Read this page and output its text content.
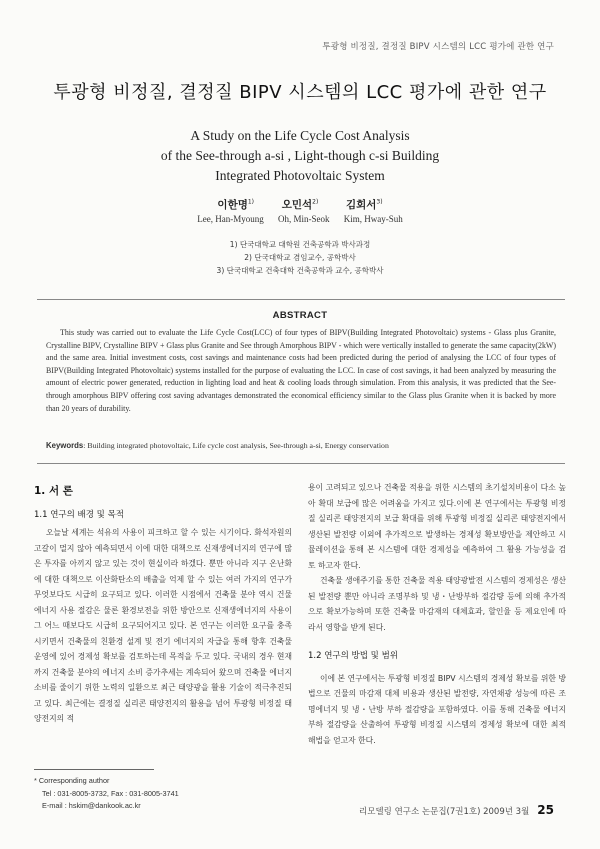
투광형 비정질, 결정질 BIPV 시스템의 LCC 평가에 관한 연구
투광형 비정질, 결정질 BIPV 시스템의 LCC 평가에 관한 연구
A Study on the Life Cycle Cost Analysis
of the See-through a-si , Light-though c-si Building
Integrated Photovoltaic System
이한명$^{1)}$	오민석$^{2)}$	김회서$^{3)}$
Lee, Han-Myoung Oh, Min-Seok Kim, Hway-Suh
1) 단국대학교 대학원 건축공학과 박사과정
2) 단국대학교 겸임교수, 공학박사
3) 단국대학교 건축대학 건축공학과 교수, 공학박사
ABSTRACT
This study was carried out to evaluate the Life Cycle Cost(LCC) of four types of BIPV(Building Integrated Photovoltaic) systems - Glass plus Granite, Crystalline BIPV, Crystalline BIPV + Glass plus Granite and See through Amorphous BIPV - which were vertically installed to generate the same capacity(2kW) and the same area. Initial investment costs, cost savings and maintenance costs had been predicted during the period of analysing the LCC of four types of BIPV(Building Integrated Photovoltaic) systems installed for the purpose of evaluating the LCC. In case of cost savings, it had been analyzed by measuring the amount of electric power generated, reduction in lighting load and heat & cooling loads through simulation. From this analysis, it was predicted that the See-through amorphous BIPV offering cost saving advantages demonstrated the economical efficiency similar to the Glass plus Granite when it is backed by more than 20 years of durability.
Keywords: Building integrated photovoltaic, Life cycle cost analysis, See-through a-si, Energy conservation
1. 서 론
1.1 연구의 배경 및 목적

오늘날 세계는 석유의 사용이 피크하고 할 수 있는 시기이다. 화석자원의 고갈이 멀지 않아 예측되면서 이에 대한 대책으로 신재생에너지의 연구에 많은 투자를 아끼지 않고 있는 것이 현실이라 하겠다. 뿐만 아니라 지구 온난화에 대한 대책으로 이산화탄소의 배출을 억제 할 수 있는 여러 가지의 연구가 무엇보다도 시급히 요구되고 있다. 이러한 시점에서 건축물 분야 역시 건물에너지 사용 절감은 물론 환경보전을 위한 방안으로 신재생에너지의 사용이 그 어느 때보다도 시급히 요구되어지고 있다. 본 연구는 이러한 요구를 충족시키면서 건축물의 친환경 설계 및 전기 에너지의 자급을 통해 향후 건축물운영에 있어 경제성 확보를 검토하는데 목적을 두고 있다. 국내의 경우 현재까지 건축물 분야의 에너지 소비 증가추세는 계속되어 왔으며 건축물 에너지 소비를 줄이기 위한 노력의 일환으로 최근 태양광을 활용 기술이 적극추진되고 있다. 최근에는 결정질 실리콘 태양전지의 활용을 넘어 투광형 비정질 태양전지의 적

* Corresponding author
Tel : 031-8005-3732, Fax : 031-8005-3741
E-mail : hskim@dankook.ac.kr

용이 고려되고 있으나 건축물 적용을 위한 시스템의 초기설치비용이 다소 높아 확대 보급에 많은 어려움을 가지고 있다.이에 본 연구에서는 투광형 비정질 실리콘 태양전지의 보급 확대를 위해 투광형 비정질 실리콘 태양전지에서 생산된 발전량 이외에 추가적으로 발생하는 경제성 확보방안을 제안하고 시뮬레이션을 통해 본 시스템에 대한 경제성을 예측하여 그 활용 가능성을 검토 하고자 한다.

건축물 생애주기를 통한 건축물 적용 태양광발전 시스템의 경제성은 생산된 발전량 뿐만 아니라 조명부하 및 냉・난방부하 절감량 등에 의해 추가적으로 확보가능하며 또한 건축물 마감재의 대체효과, 할인율 등 제요인에 따라서 영향을 받게 된다.

1.2 연구의 방법 및 범위

이에 본 연구에서는 투광형 비정질 BIPV 시스템의 경제성 확보를 위한 방법으로 건물의 마감재 대체 비용과 생산된 발전량, 자연채광 성능에 따른 조명에너지 및 냉・난방 부하 절감량을 포함하였다. 이를 통해 건축물 에너지 부하 절감량을 산출하여 투광형 비정질 시스템의 경제성 확보에 대한 최적 해법을 얻고자 한다.

리모델링 연구소 논문집(7권1호) 2009년 3월 25
